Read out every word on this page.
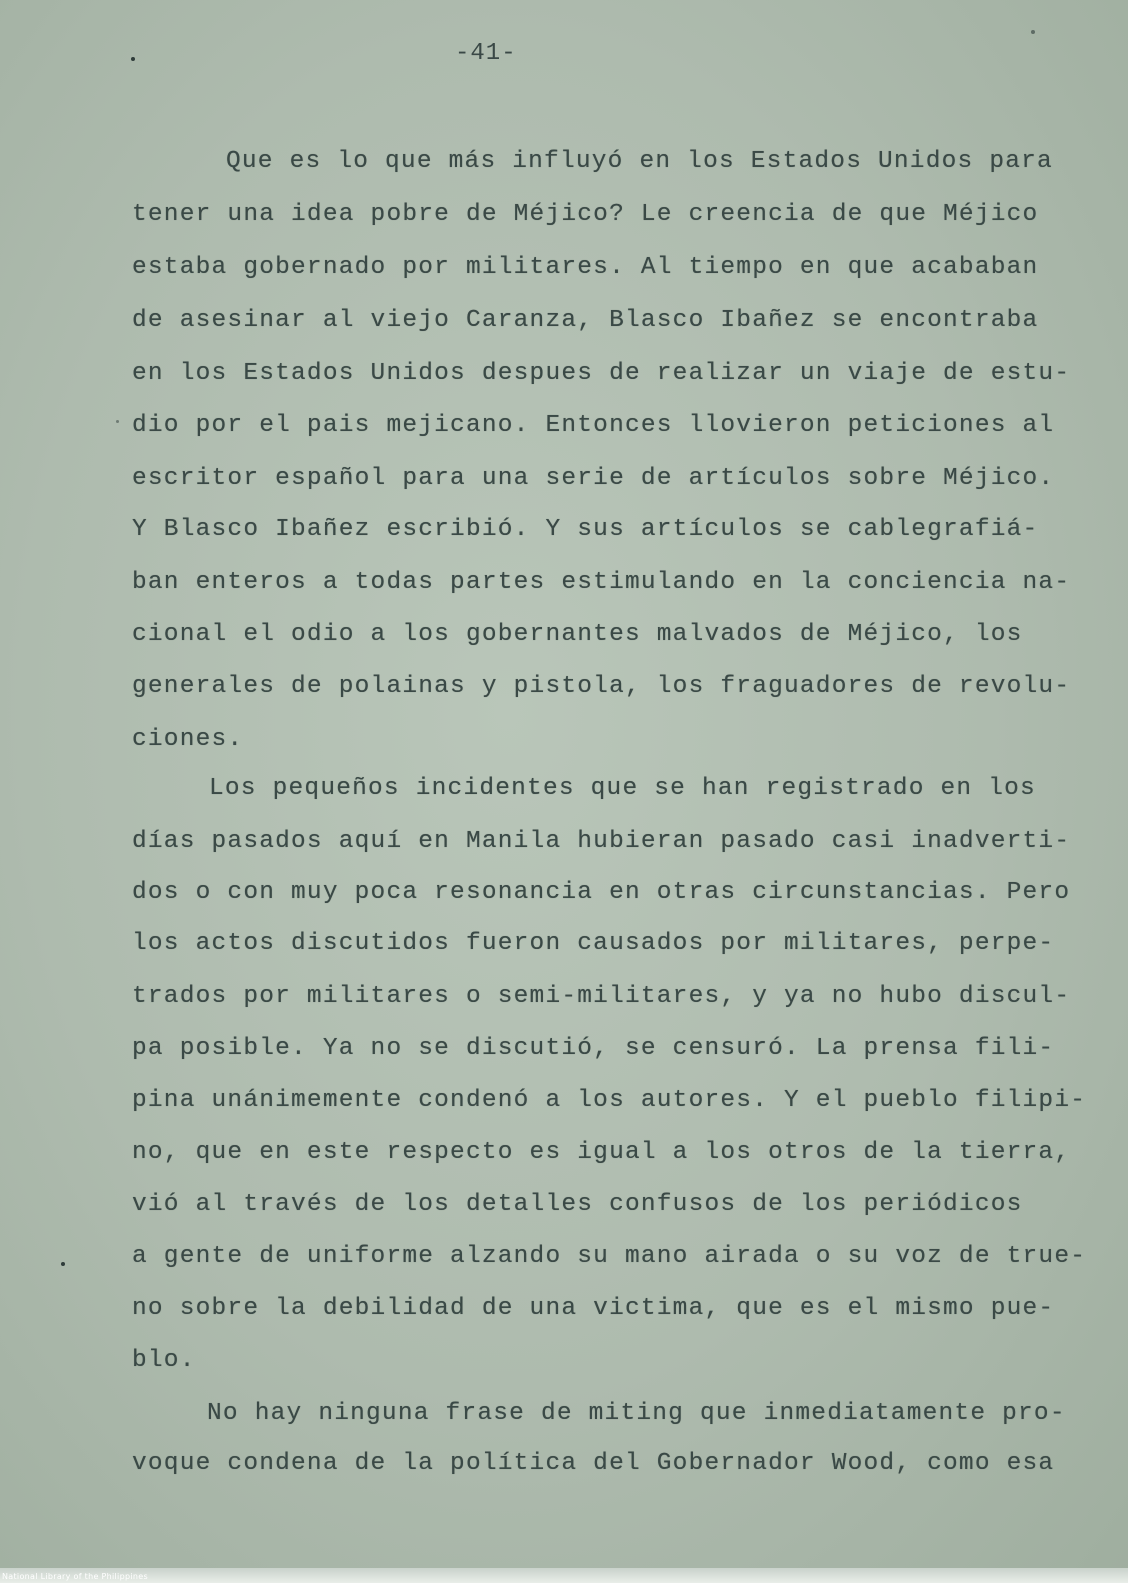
-41-
Que es lo que más influyó en los Estados Unidos para
tener una idea pobre de Méjico? Le creencia de que Méjico
estaba gobernado por militares. Al tiempo en que acababan
de asesinar al viejo Caranza, Blasco Ibañez se encontraba
en los Estados Unidos despues de realizar un viaje de estu-
dio por el pais mejicano. Entonces llovieron peticiones al
escritor español para una serie de artículos sobre Méjico.
Y Blasco Ibañez escribió. Y sus artículos se cablegrafiá-
ban enteros a todas partes estimulando en la conciencia na-
cional el odio a los gobernantes malvados de Méjico, los
generales de polainas y pistola, los fraguadores de revolu-
ciones.
Los pequeños incidentes que se han registrado en los
días pasados aquí en Manila hubieran pasado casi inadverti-
dos o con muy poca resonancia en otras circunstancias. Pero
los actos discutidos fueron causados por militares, perpe-
trados por militares o semi-militares, y ya no hubo discul-
pa posible. Ya no se discutió, se censuró. La prensa fili-
pina unánimemente condenó a los autores. Y el pueblo filipi-
no, que en este respecto es igual a los otros de la tierra,
vió al través de los detalles confusos de los periódicos
a gente de uniforme alzando su mano airada o su voz de true-
no sobre la debilidad de una victima, que es el mismo pue-
blo.
No hay ninguna frase de miting que inmediatamente pro-
voque condena de la política del Gobernador Wood, como esa
National Library of the Philippines
